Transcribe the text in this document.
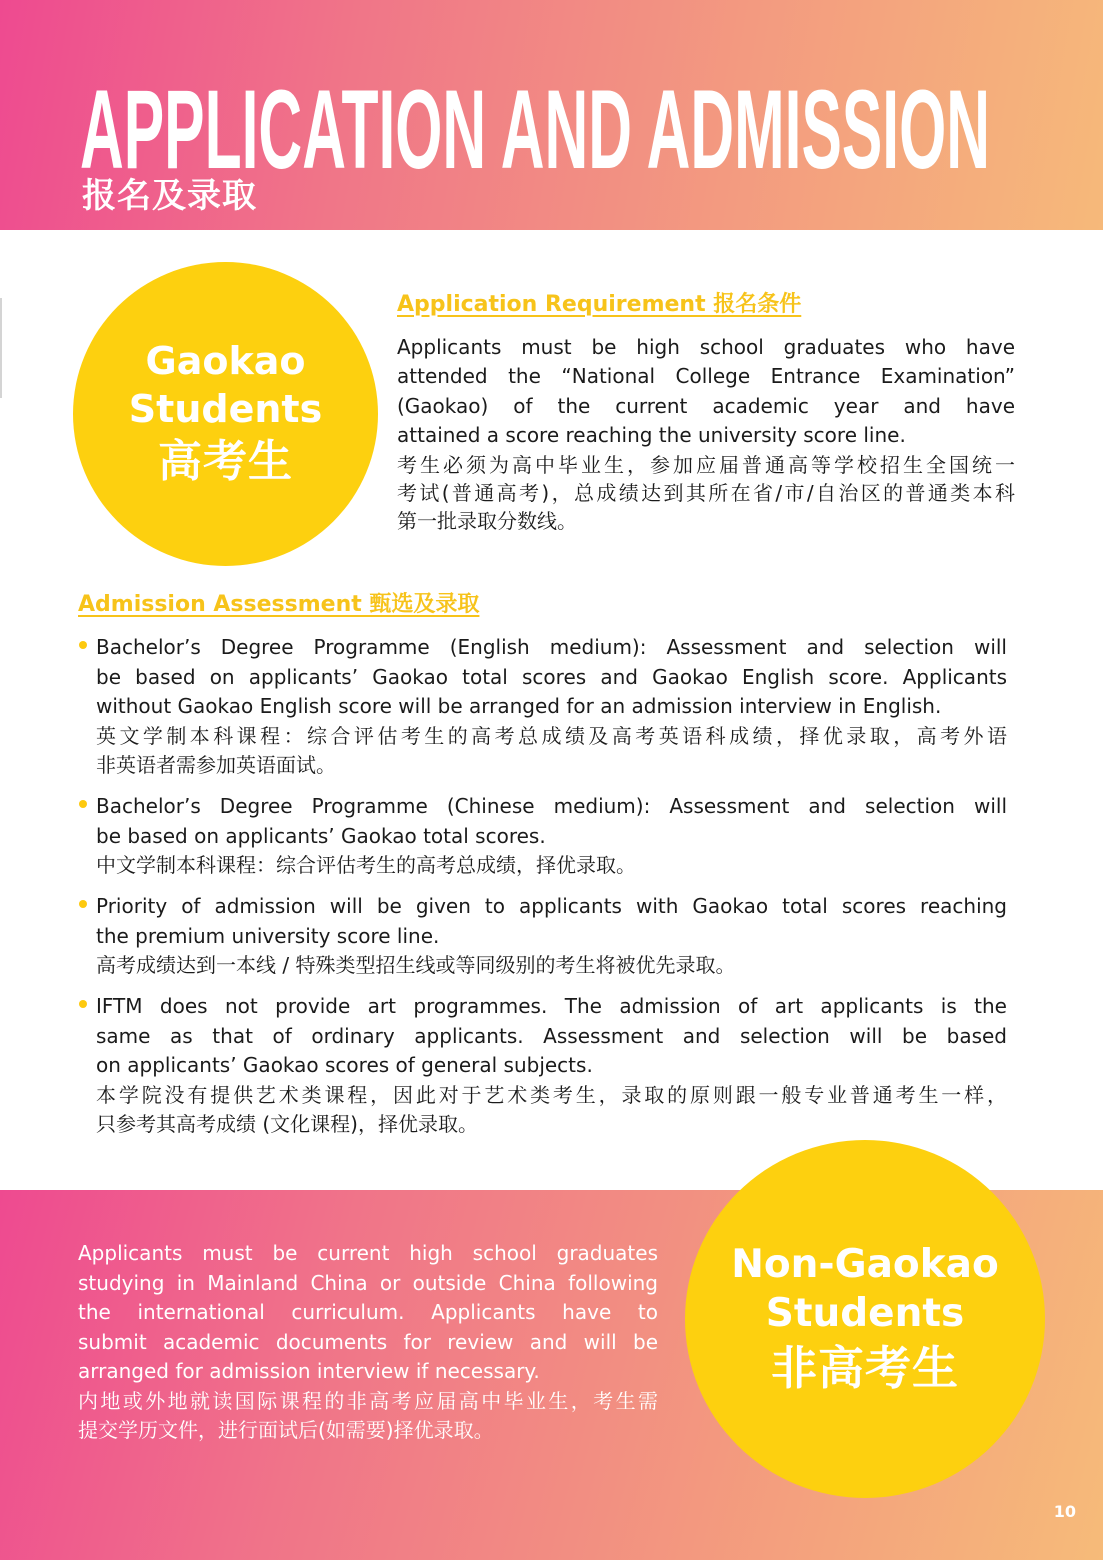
APPLICATION AND ADMISSION
报名及录取
Gaokao
Students
高考生
Application Requirement 报名条件
Applicants must be high school graduates who have
attended the “National College Entrance Examination”
(Gaokao) of the current academic year and have
attained a score reaching the university score line.
考生必须为高中毕业生，参加应届普通高等学校招生全国统一
考试(普通高考)，总成绩达到其所在省/市/自治区的普通类本科
第一批录取分数线。
Admission Assessment 甄选及录取
Bachelor’s Degree Programme (English medium): Assessment and selection will
be based on applicants’ Gaokao total scores and Gaokao English score. Applicants
without Gaokao English score will be arranged for an admission interview in English.
英文学制本科课程：综合评估考生的高考总成绩及高考英语科成绩，择优录取，高考外语
非英语者需参加英语面试。
Bachelor’s Degree Programme (Chinese medium): Assessment and selection will
be based on applicants’ Gaokao total scores.
中文学制本科课程：综合评估考生的高考总成绩，择优录取。
Priority of admission will be given to applicants with Gaokao total scores reaching
the premium university score line.
高考成绩达到一本线 / 特殊类型招生线或等同级别的考生将被优先录取。
IFTM does not provide art programmes. The admission of art applicants is the
same as that of ordinary applicants. Assessment and selection will be based
on applicants’ Gaokao scores of general subjects.
本学院没有提供艺术类课程，因此对于艺术类考生，录取的原则跟一般专业普通考生一样，
只参考其高考成绩 (文化课程)，择优录取。
Applicants must be current high school graduates
studying in Mainland China or outside China following
the international curriculum. Applicants have to
submit academic documents for review and will be
arranged for admission interview if necessary.
内地或外地就读国际课程的非高考应届高中毕业生，考生需
提交学历文件，进行面试后(如需要)择优录取。
Non-Gaokao
Students
非高考生
10
